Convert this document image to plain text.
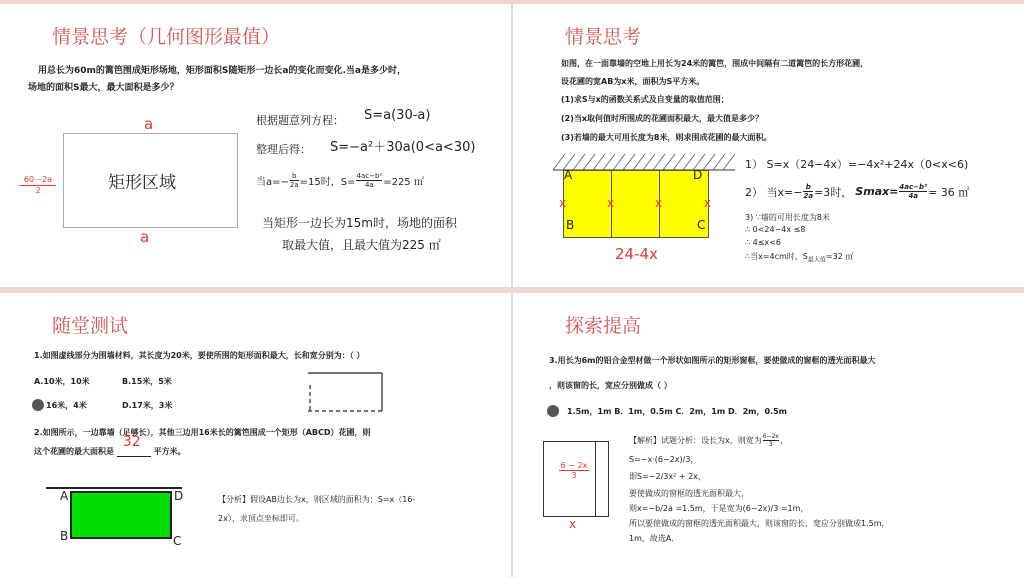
情景思考（几何图形最值）
用总长为60m的篱笆围成矩形场地，矩形面积S随矩形一边长a的变化而变化.当a是多少时，
场地的面积S最大，最大面积是多少？
a
矩形区域
a
$\frac{60-2a}{2}$
根据题意列方程： S=a(30-a)
整理后得： S=−a²＋30a(0<a<30)
当$a=- \frac{b}{2a} =15$时，$S= \frac{\text{4ac−b²}}{4a} =225$ ㎡
当矩形一边长为15m时，场地的面积
取最大值，且最大值为225 ㎡
情景思考
如图，在一面靠墙的空地上用长为24米的篱笆，围成中间隔有二道篱笆的长方形花圃，
设花圃的宽AB为x米，面积为S平方米。
(1)求S与x的函数关系式及自变量的取值范围；
(2)当x取何值时所围成的花圃面积最大，最大值是多少？
(3)若墙的最大可用长度为8米，则求围成花圃的最大面积。
A	D
B	C
x	x	x	x
24-4x
1） S=x（24−4x）=−4x²+24x（0<x<6)
2） 当$x=- \frac{b}{2a} =3$时， $Smax= \frac{\text{4ac−b²}}{4a} = 36$ ㎡
3) ∵墙的可用长度为8米
∴ 0<24−4x ≤8
∴ 4≤x<6
∴当x=4cm时，$S_{最大值}=32$ ㎡
随堂测试
1.如图虚线部分为围墙材料，其长度为20米，要使所围的矩形面积最大，长和宽分别为：（ ）
A.10米，10米	B.15米，5米
16米，4米	D.17米，3米
2.如图所示，一边靠墙（足够长），其他三边用16米长的篱笆围成一个矩形（ABCD）花圃，则
这个花圃的最大面积是
32
平方米。
A	D
B	C
【分析】假设AB边长为x，则区域的面积为：S=x（16-
2x），求顶点坐标即可。
探索提高
3.用长为6m的铝合金型材做一个形状如图所示的矩形窗框，要使做成的窗框的透光面积最大
，则该窗的长，宽应分别做成（ ）
1.5m，1m B．1m，0.5m C．2m，1m D．2m，0.5m
$\frac{6 - 2x}{3}$
x
【解析】试题分析：设长为x，则宽为 $\frac{6-2x}{3}$ ，
S=−x·(6−2x)/3，
即S=−2/3x² + 2x，
要使做成的窗框的透光面积最大，
则x=−b/2a =1.5m，于是宽为(6−2x)/3 =1m，
所以要使做成的窗框的透光面积最大，则该窗的长，宽应分别做成1.5m，
1m，故选A.
